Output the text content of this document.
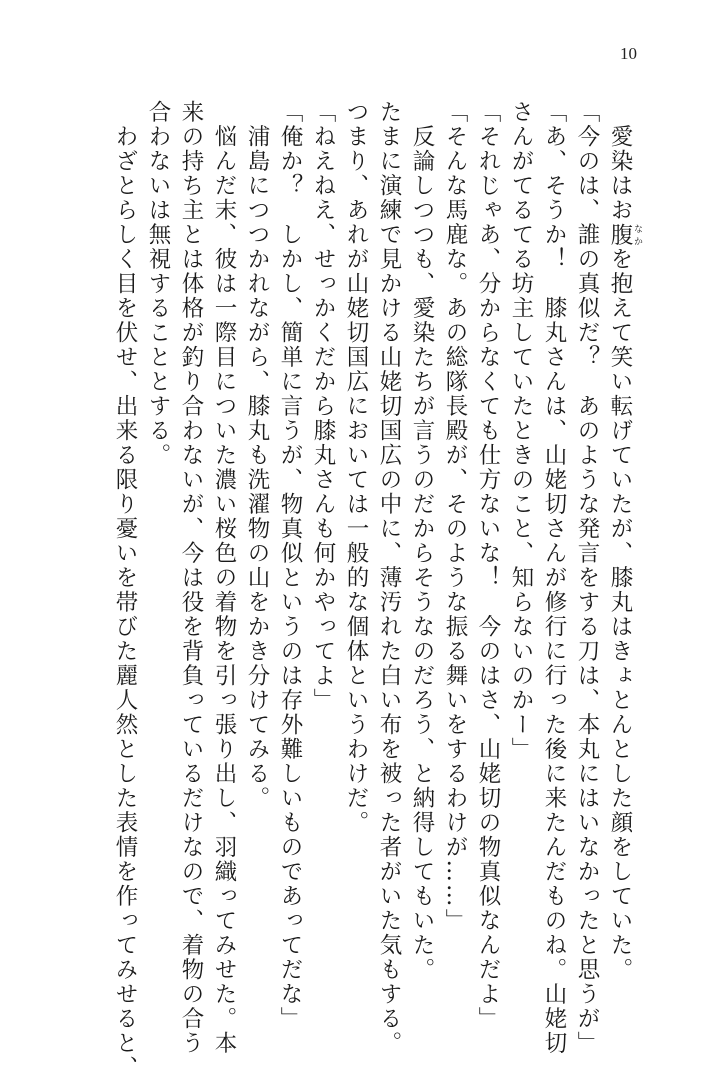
10
　愛染はお腹 なかを抱えて笑い転げていたが、膝丸はきょとんとした顔をしていた。
「今のは、誰の真似だ？　あのような発言をする刀は、本丸にはいなかったと思うが」
「あ、そうか！　膝丸さんは、山姥切さんが修行に行った後に来たんだものね。山姥切
さんがてるてる坊主していたときのこと、知らないのかー」
「それじゃあ、分からなくても仕方ないな！　今のはさ、山姥切の物真似なんだよ」
「そんな馬鹿な。あの総隊長殿が、そのような振る舞いをするわけが……」
　反論しつつも、愛染たちが言うのだからそうなのだろう、と納得してもいた。
たまに演練で見かける山姥切国広の中に、薄汚れた白い布を被った者がいた気もする。
つまり、あれが山姥切国広においては一般的な個体というわけだ。
「ねえねえ、せっかくだから膝丸さんも何かやってよ」
「俺か？　しかし、簡単に言うが、物真似というのは存外難しいものであってだな」
　浦島につつかれながら、膝丸も洗濯物の山をかき分けてみる。
　悩んだ末、彼は一際目についた濃い桜色の着物を引っ張り出し、羽織ってみせた。本
来の持ち主とは体格が釣り合わないが、今は役を背負っているだけなので、着物の合う
合わないは無視することとする。
　わざとらしく目を伏せ、出来る限り憂いを帯びた麗人然とした表情を作ってみせると、
